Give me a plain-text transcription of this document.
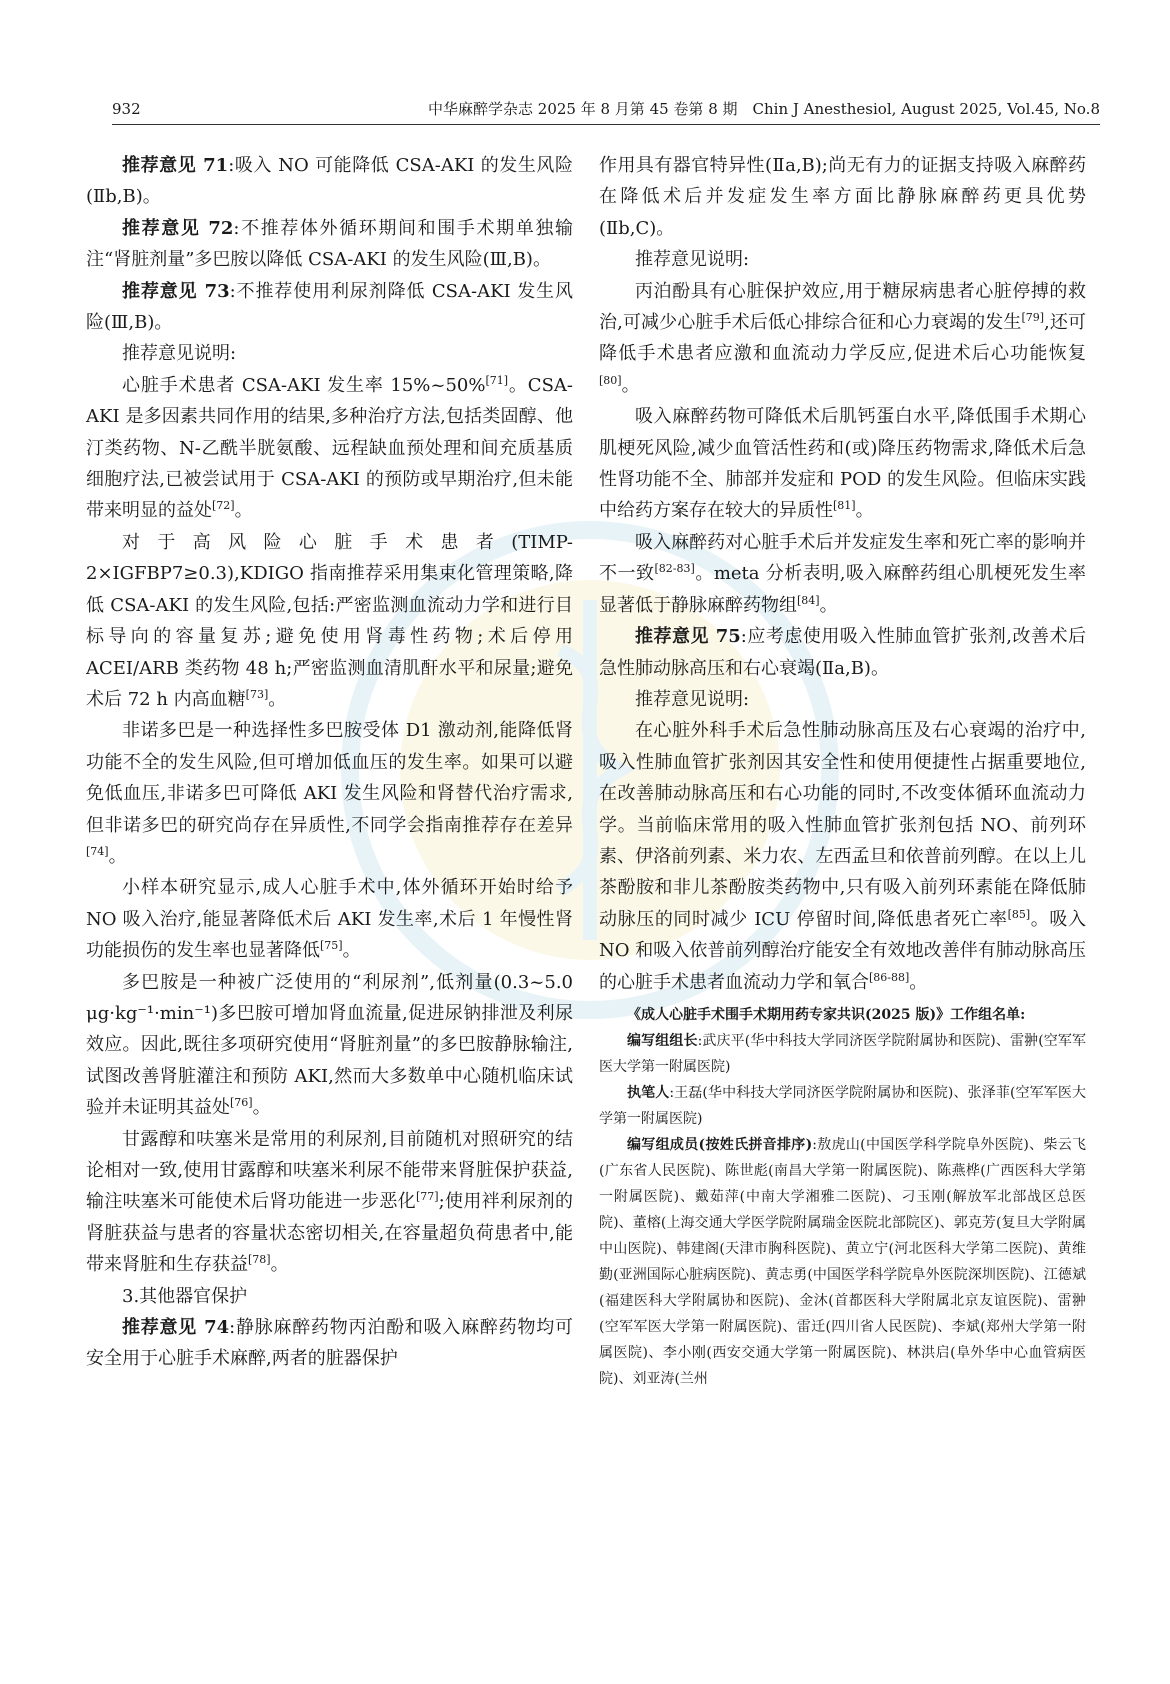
932	中华麻醉学杂志 2025 年 8 月第 45 卷第 8 期　Chin J Anesthesiol, August 2025, Vol.45, No.8

推荐意见 71:吸入 NO 可能降低 CSA-AKI 的发生风险(Ⅱb,B)。

推荐意见 72:不推荐体外循环期间和围手术期单独输注“肾脏剂量”多巴胺以降低 CSA-AKI 的发生风险(Ⅲ,B)。

推荐意见 73:不推荐使用利尿剂降低 CSA-AKI 发生风险(Ⅲ,B)。

推荐意见说明:

心脏手术患者 CSA-AKI 发生率 15%~50%[71]。CSA-AKI 是多因素共同作用的结果,多种治疗方法,包括类固醇、他汀类药物、N-乙酰半胱氨酸、远程缺血预处理和间充质基质细胞疗法,已被尝试用于 CSA-AKI 的预防或早期治疗,但未能带来明显的益处[72]。

对于高风险心脏手术患者(TIMP-2×IGFBP7≥0.3),KDIGO 指南推荐采用集束化管理策略,降低 CSA-AKI 的发生风险,包括:严密监测血流动力学和进行目标导向的容量复苏;避免使用肾毒性药物;术后停用 ACEI/ARB 类药物 48 h;严密监测血清肌酐水平和尿量;避免术后 72 h 内高血糖[73]。

非诺多巴是一种选择性多巴胺受体 D1 激动剂,能降低肾功能不全的发生风险,但可增加低血压的发生率。如果可以避免低血压,非诺多巴可降低 AKI 发生风险和肾替代治疗需求,但非诺多巴的研究尚存在异质性,不同学会指南推荐存在差异[74]。

小样本研究显示,成人心脏手术中,体外循环开始时给予 NO 吸入治疗,能显著降低术后 AKI 发生率,术后 1 年慢性肾功能损伤的发生率也显著降低[75]。

多巴胺是一种被广泛使用的“利尿剂”,低剂量(0.3~5.0 μg·kg⁻¹·min⁻¹)多巴胺可增加肾血流量,促进尿钠排泄及利尿效应。因此,既往多项研究使用“肾脏剂量”的多巴胺静脉输注,试图改善肾脏灌注和预防 AKI,然而大多数单中心随机临床试验并未证明其益处[76]。

甘露醇和呋塞米是常用的利尿剂,目前随机对照研究的结论相对一致,使用甘露醇和呋塞米利尿不能带来肾脏保护获益,输注呋塞米可能使术后肾功能进一步恶化[77];使用袢利尿剂的肾脏获益与患者的容量状态密切相关,在容量超负荷患者中,能带来肾脏和生存获益[78]。

3.其他器官保护

推荐意见 74:静脉麻醉药物丙泊酚和吸入麻醉药物均可安全用于心脏手术麻醉,两者的脏器保护

作用具有器官特异性(Ⅱa,B);尚无有力的证据支持吸入麻醉药在降低术后并发症发生率方面比静脉麻醉药更具优势(Ⅱb,C)。

推荐意见说明:

丙泊酚具有心脏保护效应,用于糖尿病患者心脏停搏的救治,可减少心脏手术后低心排综合征和心力衰竭的发生[79],还可降低手术患者应激和血流动力学反应,促进术后心功能恢复[80]。

吸入麻醉药物可降低术后肌钙蛋白水平,降低围手术期心肌梗死风险,减少血管活性药和(或)降压药物需求,降低术后急性肾功能不全、肺部并发症和 POD 的发生风险。但临床实践中给药方案存在较大的异质性[81]。

吸入麻醉药对心脏手术后并发症发生率和死亡率的影响并不一致[82-83]。meta 分析表明,吸入麻醉药组心肌梗死发生率显著低于静脉麻醉药物组[84]。

推荐意见 75:应考虑使用吸入性肺血管扩张剂,改善术后急性肺动脉高压和右心衰竭(Ⅱa,B)。

推荐意见说明:

在心脏外科手术后急性肺动脉高压及右心衰竭的治疗中,吸入性肺血管扩张剂因其安全性和使用便捷性占据重要地位,在改善肺动脉高压和右心功能的同时,不改变体循环血流动力学。当前临床常用的吸入性肺血管扩张剂包括 NO、前列环素、伊洛前列素、米力农、左西孟旦和依普前列醇。在以上儿茶酚胺和非儿茶酚胺类药物中,只有吸入前列环素能在降低肺动脉压的同时减少 ICU 停留时间,降低患者死亡率[85]。吸入 NO 和吸入依普前列醇治疗能安全有效地改善伴有肺动脉高压的心脏手术患者血流动力学和氧合[86-88]。

《成人心脏手术围手术期用药专家共识(2025 版)》工作组名单:

编写组组长:武庆平(华中科技大学同济医学院附属协和医院)、雷翀(空军军医大学第一附属医院)

执笔人:王磊(华中科技大学同济医学院附属协和医院)、张泽菲(空军军医大学第一附属医院)

编写组成员(按姓氏拼音排序):敖虎山(中国医学科学院阜外医院)、柴云飞(广东省人民医院)、陈世彪(南昌大学第一附属医院)、陈燕桦(广西医科大学第一附属医院)、戴茹萍(中南大学湘雅二医院)、刁玉刚(解放军北部战区总医院)、董榕(上海交通大学医学院附属瑞金医院北部院区)、郭克芳(复旦大学附属中山医院)、韩建阁(天津市胸科医院)、黄立宁(河北医科大学第二医院)、黄维勤(亚洲国际心脏病医院)、黄志勇(中国医学科学院阜外医院深圳医院)、江德斌(福建医科大学附属协和医院)、金沐(首都医科大学附属北京友谊医院)、雷翀(空军军医大学第一附属医院)、雷迁(四川省人民医院)、李斌(郑州大学第一附属医院)、李小刚(西安交通大学第一附属医院)、林洪启(阜外华中心血管病医院)、刘亚涛(兰州
